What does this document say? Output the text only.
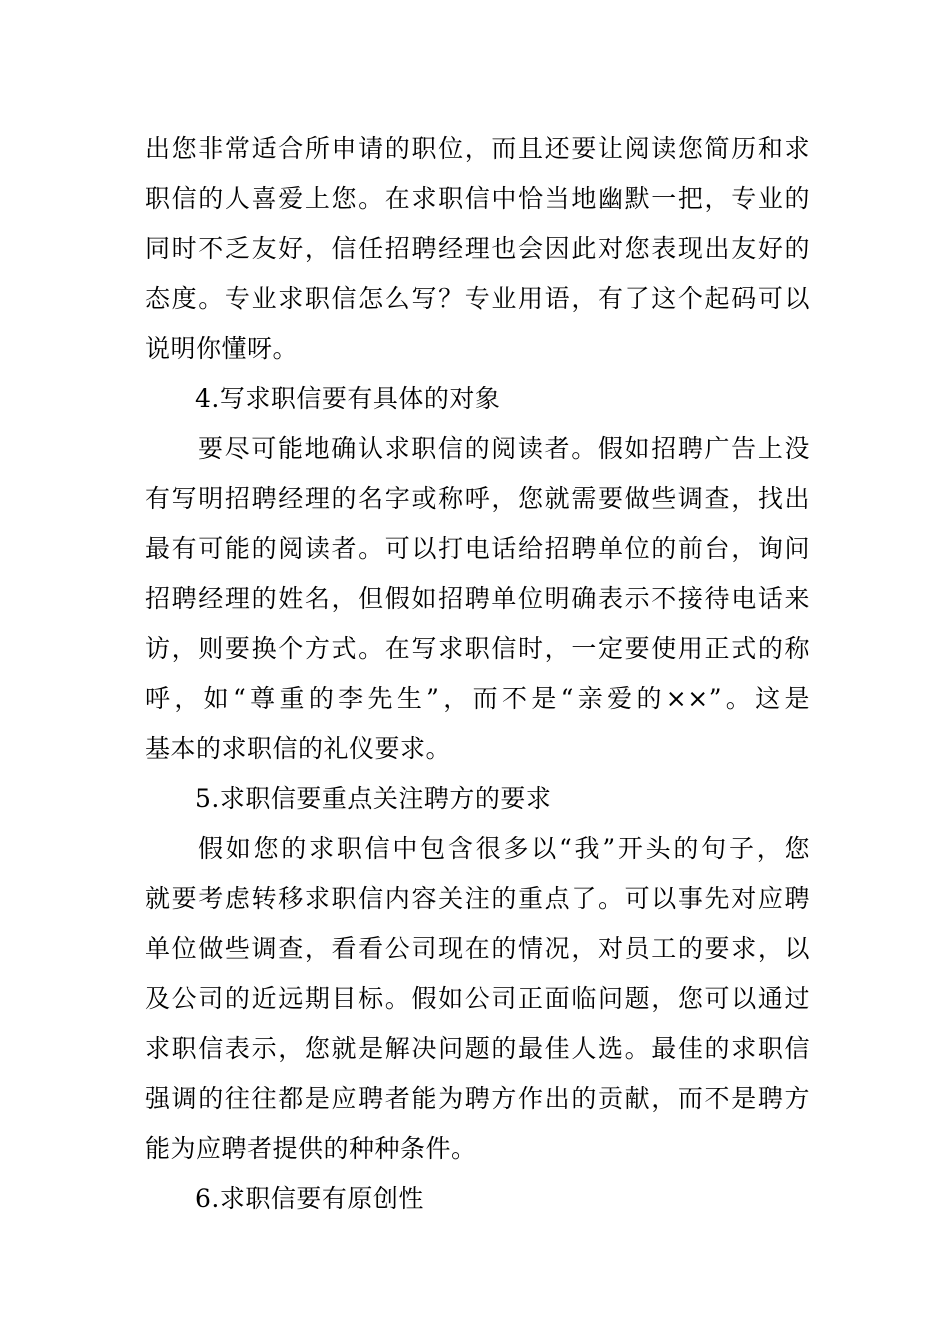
出您非常适合所申请的职位，而且还要让阅读您简历和求
职信的人喜爱上您。在求职信中恰当地幽默一把，专业的
同时不乏友好，信任招聘经理也会因此对您表现出友好的
态度。专业求职信怎么写？专业用语，有了这个起码可以
说明你懂呀。
4.写求职信要有具体的对象
要尽可能地确认求职信的阅读者。假如招聘广告上没
有写明招聘经理的名字或称呼，您就需要做些调查，找出
最有可能的阅读者。可以打电话给招聘单位的前台，询问
招聘经理的姓名，但假如招聘单位明确表示不接待电话来
访，则要换个方式。在写求职信时，一定要使用正式的称
呼，如“尊重的李先生”，而不是“亲爱的××”。这是
基本的求职信的礼仪要求。
5.求职信要重点关注聘方的要求
假如您的求职信中包含很多以“我”开头的句子，您
就要考虑转移求职信内容关注的重点了。可以事先对应聘
单位做些调查，看看公司现在的情况，对员工的要求，以
及公司的近远期目标。假如公司正面临问题，您可以通过
求职信表示，您就是解决问题的最佳人选。最佳的求职信
强调的往往都是应聘者能为聘方作出的贡献，而不是聘方
能为应聘者提供的种种条件。
6.求职信要有原创性
